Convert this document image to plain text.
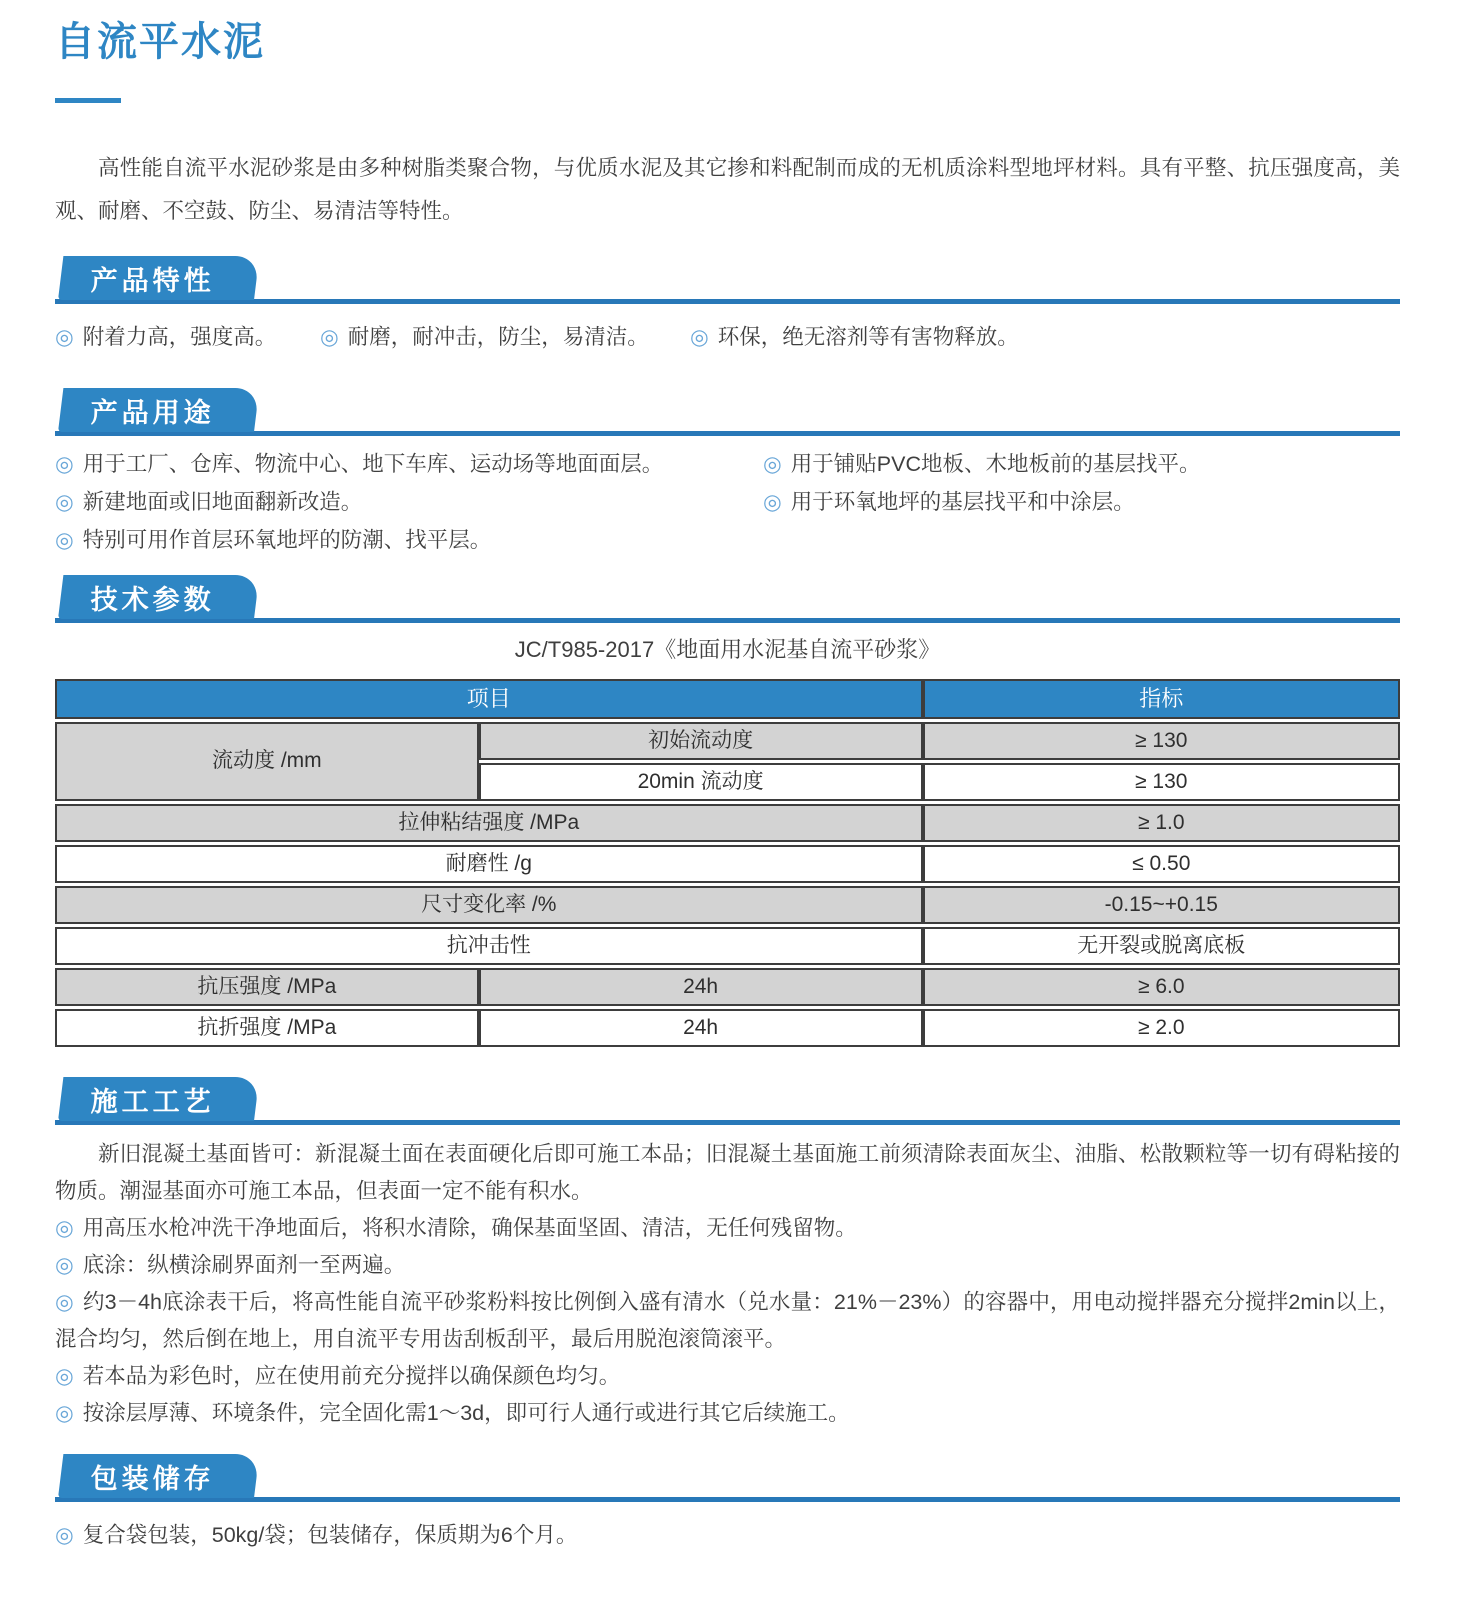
自流平水泥

高性能自流平水泥砂浆是由多种树脂类聚合物，与优质水泥及其它掺和料配制而成的无机质涂料型地坪材料。具有平整、抗压强度高，美观、耐磨、不空鼓、防尘、易清洁等特性。

产品特性
◎ 附着力高，强度高。	◎ 耐磨，耐冲击，防尘，易清洁。	◎ 环保，绝无溶剂等有害物释放。
产品用途
◎ 用于工厂、仓库、物流中心、地下车库、运动场等地面面层。
◎ 新建地面或旧地面翻新改造。
◎ 特别可用作首层环氧地坪的防潮、找平层。
◎ 用于铺贴PVC地板、木地板前的基层找平。
◎ 用于环氧地坪的基层找平和中涂层。
技术参数
JC/T985-2017《地面用水泥基自流平砂浆》
项目		指标
流动度 /mm	初始流动度	≥ 130
	20min 流动度	≥ 130
拉伸粘结强度 /MPa		≥ 1.0
耐磨性 /g		≤ 0.50
尺寸变化率 /%		-0.15~+0.15
抗冲击性		无开裂或脱离底板
抗压强度 /MPa	24h	≥ 6.0
抗折强度 /MPa	24h	≥ 2.0
施工工艺
新旧混凝土基面皆可：新混凝土面在表面硬化后即可施工本品；旧混凝土基面施工前须清除表面灰尘、油脂、松散颗粒等一切有碍粘接的物质。潮湿基面亦可施工本品，但表面一定不能有积水。
◎ 用高压水枪冲洗干净地面后，将积水清除，确保基面坚固、清洁，无任何残留物。
◎ 底涂：纵横涂刷界面剂一至两遍。
◎ 约3－4h底涂表干后，将高性能自流平砂浆粉料按比例倒入盛有清水（兑水量：21%－23%）的容器中，用电动搅拌器充分搅拌2min以上，混合均匀，然后倒在地上，用自流平专用齿刮板刮平，最后用脱泡滚筒滚平。
◎ 若本品为彩色时，应在使用前充分搅拌以确保颜色均匀。
◎ 按涂层厚薄、环境条件，完全固化需1～3d，即可行人通行或进行其它后续施工。
包装储存
◎ 复合袋包装，50kg/袋；包装储存，保质期为6个月。
